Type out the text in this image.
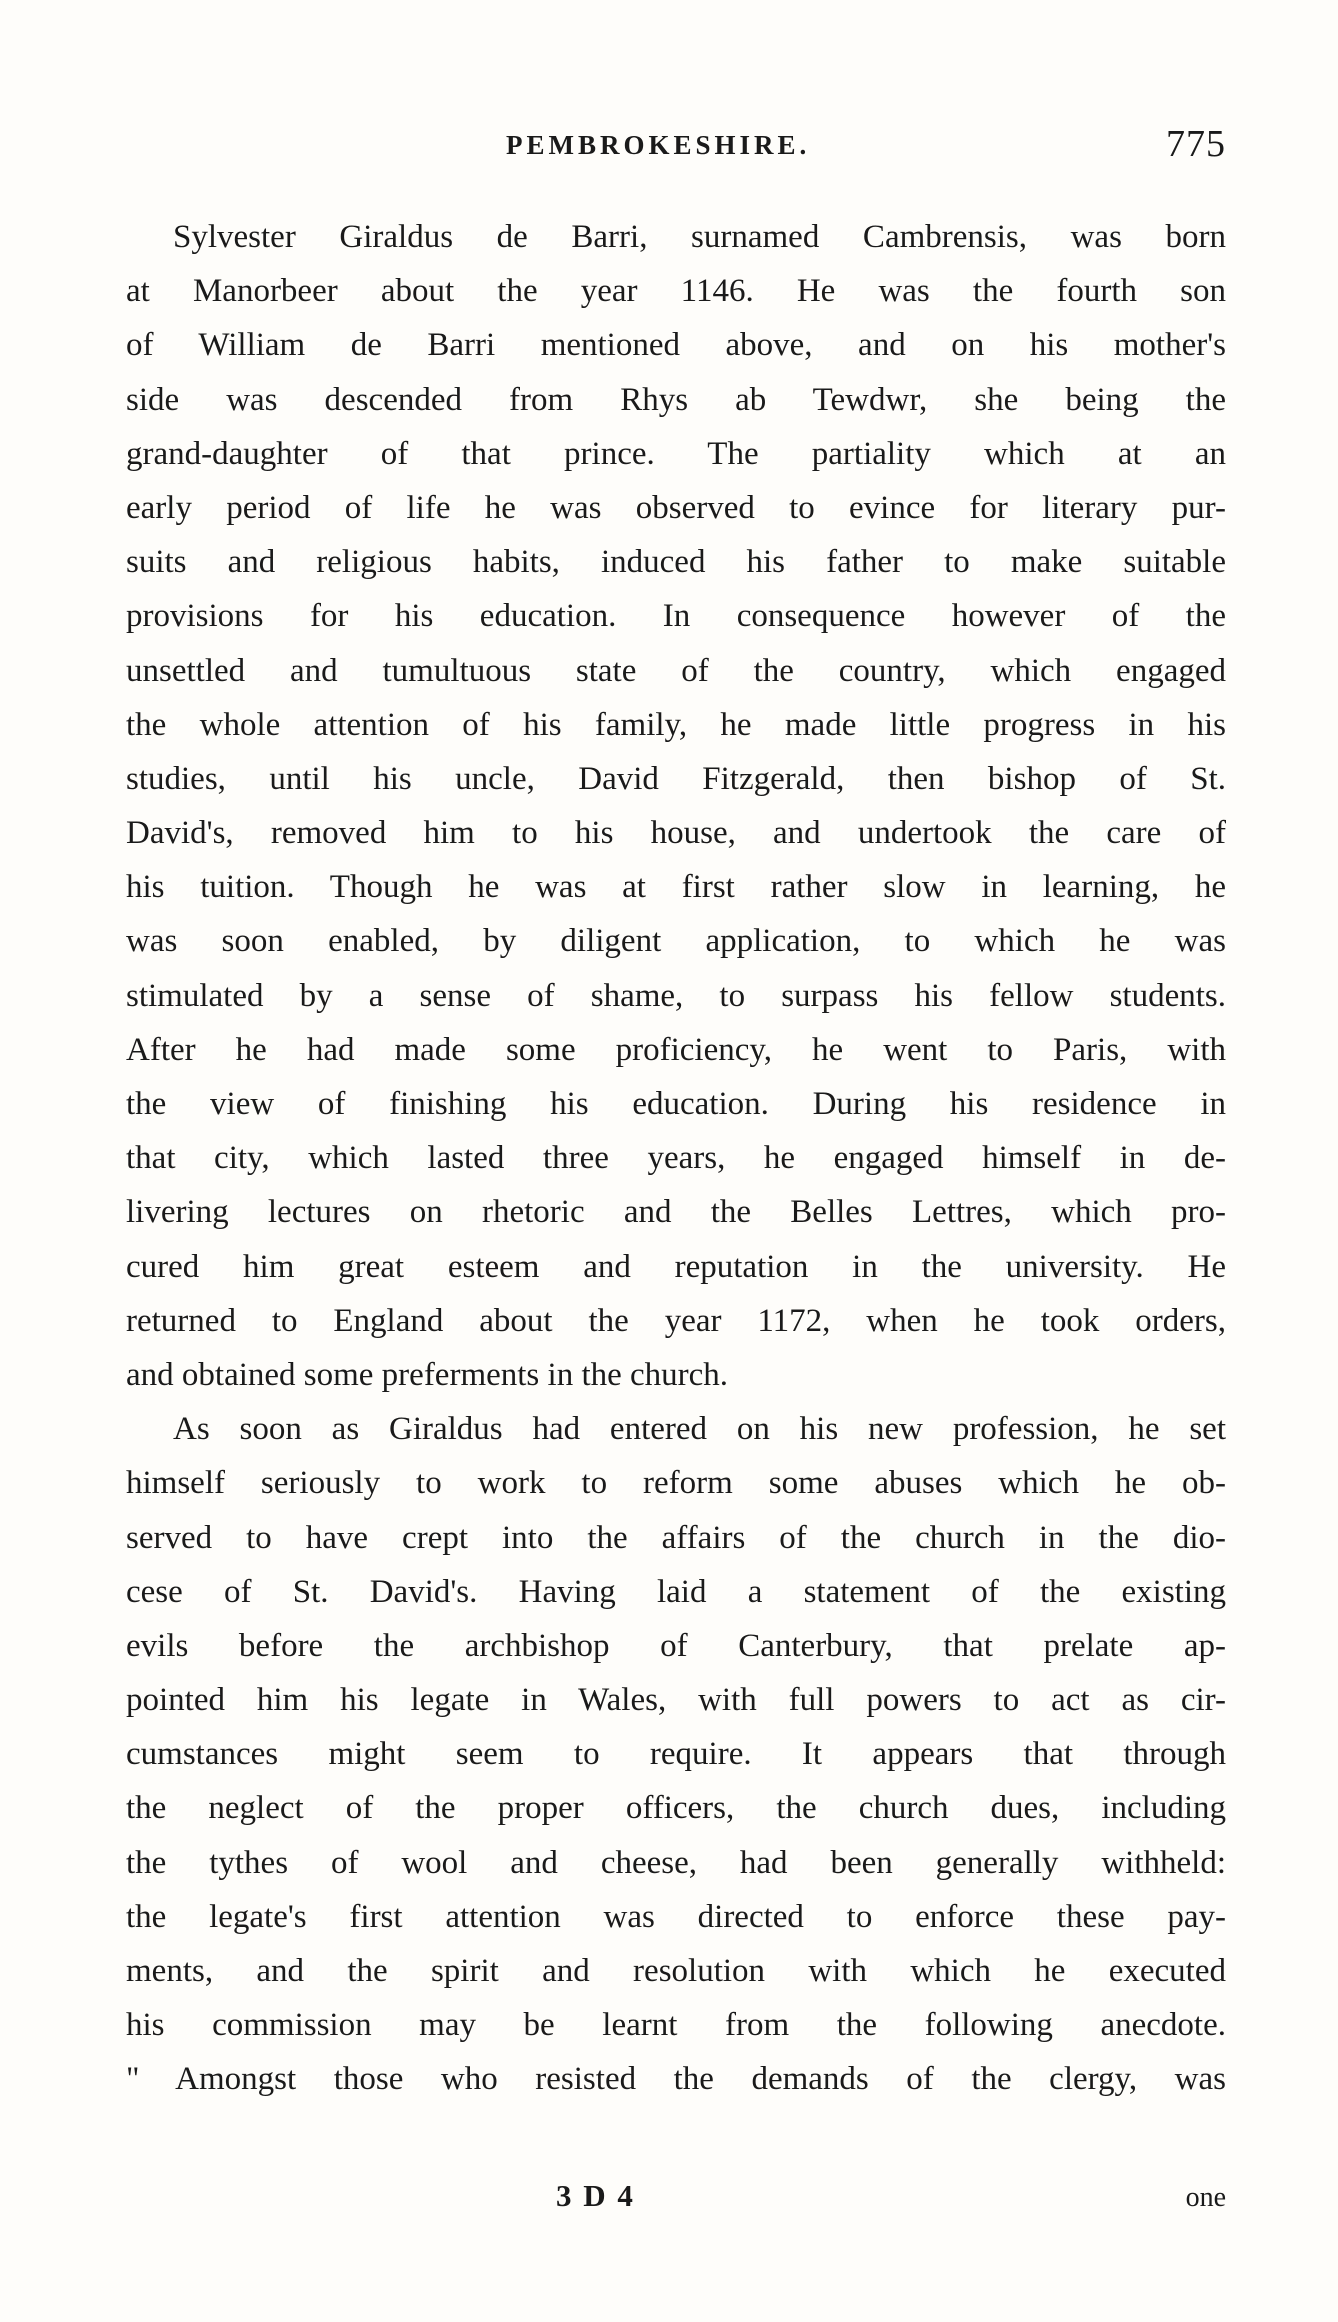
PEMBROKESHIRE.	775
Sylvester Giraldus de Barri, surnamed Cambrensis, was born
at Manorbeer about the year 1146. He was the fourth son
of William de Barri mentioned above, and on his mother's
side was descended from Rhys ab Tewdwr, she being the
grand-daughter of that prince. The partiality which at an
early period of life he was observed to evince for literary pur-
suits and religious habits, induced his father to make suitable
provisions for his education. In consequence however of the
unsettled and tumultuous state of the country, which engaged
the whole attention of his family, he made little progress in his
studies, until his uncle, David Fitzgerald, then bishop of St.
David's, removed him to his house, and undertook the care of
his tuition. Though he was at first rather slow in learning, he
was soon enabled, by diligent application, to which he was
stimulated by a sense of shame, to surpass his fellow students.
After he had made some proficiency, he went to Paris, with
the view of finishing his education. During his residence in
that city, which lasted three years, he engaged himself in de-
livering lectures on rhetoric and the Belles Lettres, which pro-
cured him great esteem and reputation in the university. He
returned to England about the year 1172, when he took orders,
and obtained some preferments in the church.
As soon as Giraldus had entered on his new profession, he set
himself seriously to work to reform some abuses which he ob-
served to have crept into the affairs of the church in the dio-
cese of St. David's. Having laid a statement of the existing
evils before the archbishop of Canterbury, that prelate ap-
pointed him his legate in Wales, with full powers to act as cir-
cumstances might seem to require. It appears that through
the neglect of the proper officers, the church dues, including
the tythes of wool and cheese, had been generally withheld:
the legate's first attention was directed to enforce these pay-
ments, and the spirit and resolution with which he executed
his commission may be learnt from the following anecdote.
" Amongst those who resisted the demands of the clergy, was
3 D 4	one
